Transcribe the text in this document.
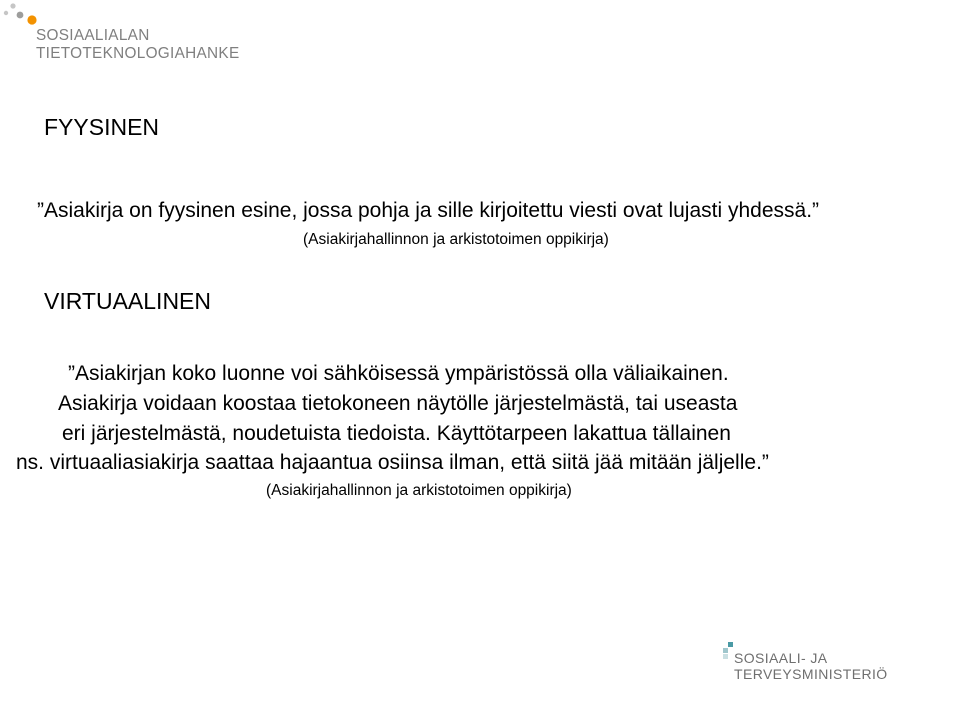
SOSIAALIALAN
TIETOTEKNOLOGIAHANKE
FYYSINEN
”Asiakirja on fyysinen esine, jossa pohja ja sille kirjoitettu viesti ovat lujasti yhdessä.”
(Asiakirjahallinnon ja arkistotoimen oppikirja)
VIRTUAALINEN
”Asiakirjan koko luonne voi sähköisessä ympäristössä olla väliaikainen.
Asiakirja voidaan koostaa tietokoneen näytölle järjestelmästä, tai useasta
eri järjestelmästä, noudetuista tiedoista. Käyttötarpeen lakattua tällainen
ns. virtuaaliasiakirja saattaa hajaantua osiinsa ilman, että siitä jää mitään jäljelle.”
(Asiakirjahallinnon ja arkistotoimen oppikirja)
SOSIAALI- JA
TERVEYSMINISTERIÖ
